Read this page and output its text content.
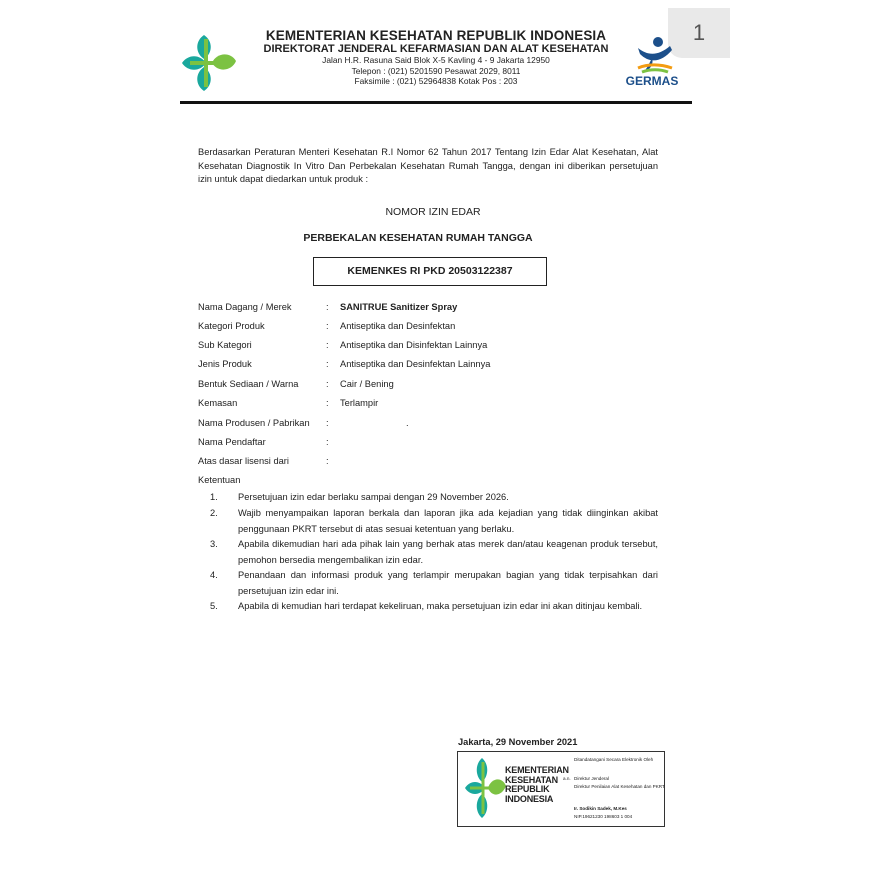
1
KEMENTERIAN KESEHATAN REPUBLIK INDONESIA
DIREKTORAT JENDERAL KEFARMASIAN DAN ALAT KESEHATAN
Jalan H.R. Rasuna Said Blok X-5 Kavling 4 - 9 Jakarta 12950
Telepon : (021) 5201590 Pesawat 2029, 8011
Faksimile : (021) 52964838 Kotak Pos : 203	GERMAS
Berdasarkan Peraturan Menteri Kesehatan R.I Nomor 62 Tahun 2017 Tentang Izin Edar Alat Kesehatan, Alat Kesehatan Diagnostik In Vitro Dan Perbekalan Kesehatan Rumah Tangga, dengan ini diberikan persetujuan izin untuk dapat diedarkan untuk produk :
NOMOR IZIN EDAR
PERBEKALAN KESEHATAN RUMAH TANGGA
KEMENKES RI PKD 20503122387
Nama Dagang / Merek	: SANITRUE Sanitizer Spray
Kategori Produk	: Antiseptika dan Desinfektan
Sub Kategori	: Antiseptika dan Disinfektan Lainnya
Jenis Produk	: Antiseptika dan Desinfektan Lainnya
Bentuk Sediaan / Warna	: Cair / Bening
Kemasan	: Terlampir
Nama Produsen / Pabrikan :	.
Nama Pendaftar	:
Atas dasar lisensi dari	:
Ketentuan
1. Persetujuan izin edar berlaku sampai dengan 29 November 2026.
2. Wajib menyampaikan laporan berkala dan laporan jika ada kejadian yang tidak diinginkan akibat penggunaan PKRT tersebut di atas sesuai ketentuan yang berlaku.
3. Apabila dikemudian hari ada pihak lain yang berhak atas merek dan/atau keagenan produk tersebut, pemohon bersedia mengembalikan izin edar.
4. Penandaan dan informasi produk yang terlampir merupakan bagian yang tidak terpisahkan dari persetujuan izin edar ini.
5. Apabila di kemudian hari terdapat kekeliruan, maka persetujuan izin edar ini akan ditinjau kembali.
Jakarta, 29 November 2021
KEMENTERIAN
KESEHATAN
REPUBLIK
INDONESIA
Ditandatangani Secara Elektronik Oleh
a.n. Direktur Jenderal
Direktur Penilaian Alat Kesehatan dan PKRT
Ir. Sodikin Sadek, M.Kes
NIP.19621230 198603 1 004
